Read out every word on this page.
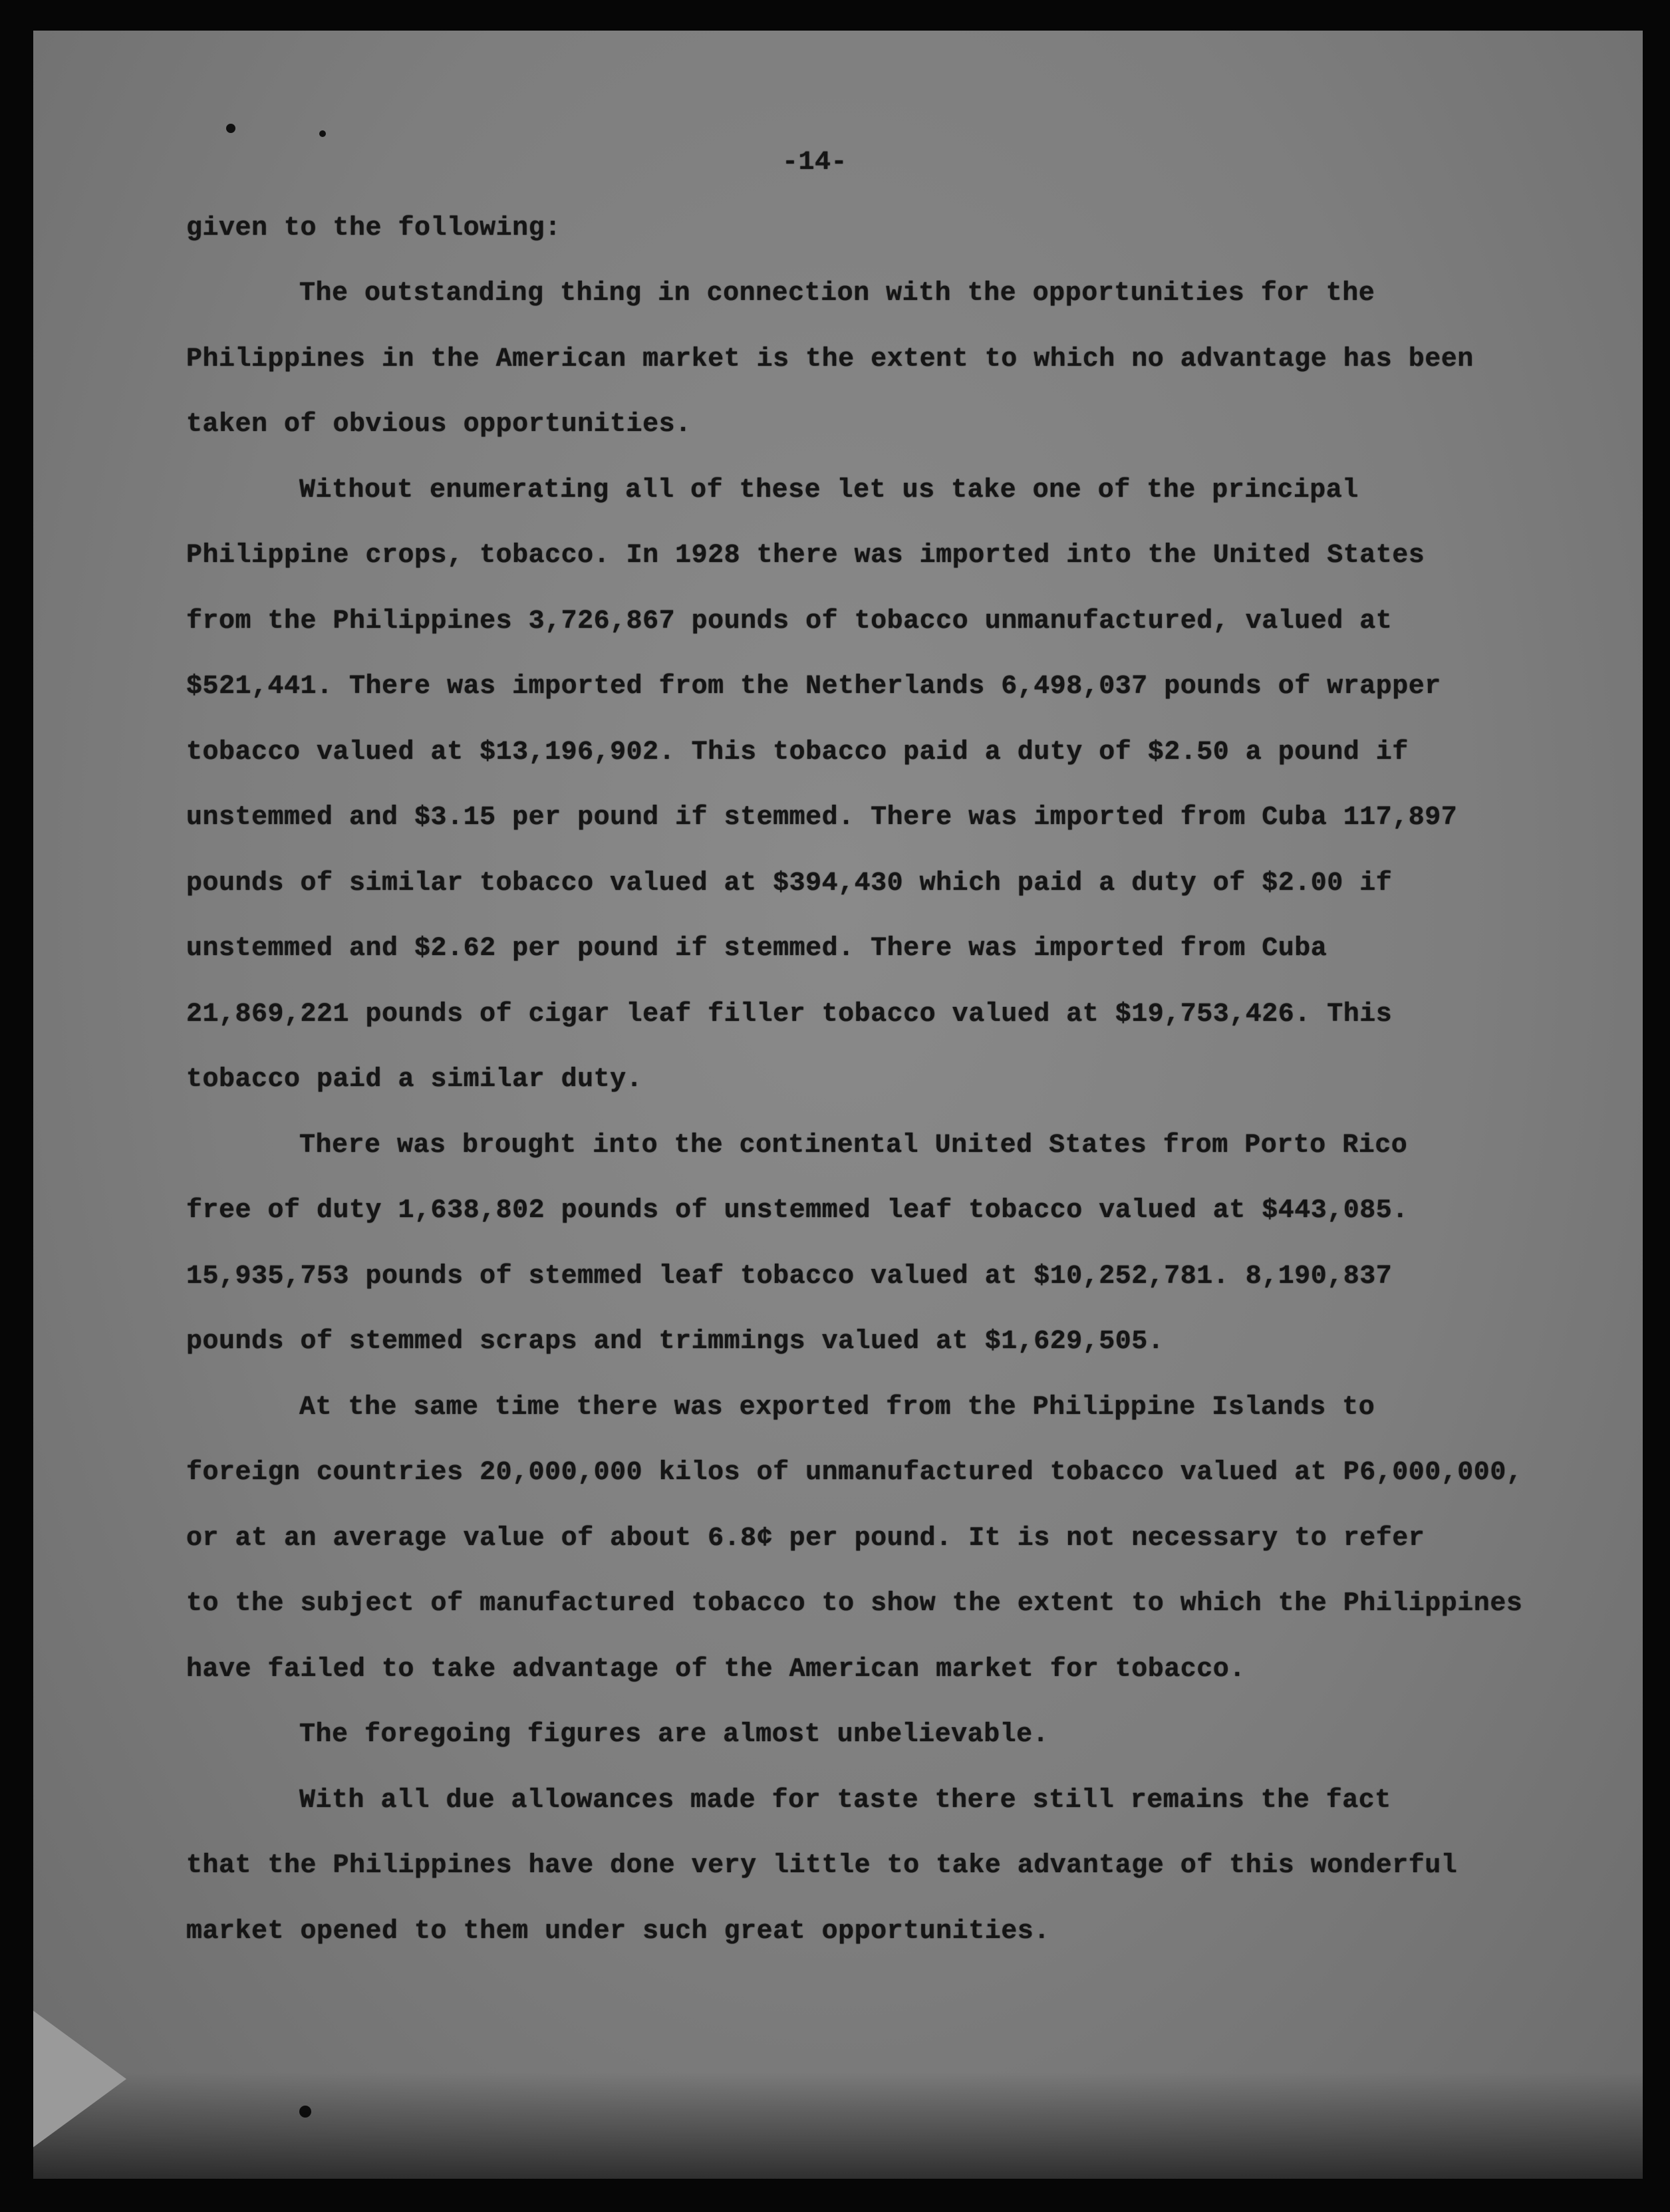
-14-

given to the following:

The outstanding thing in connection with the opportunities for the

Philippines in the American market is the extent to which no advantage has been

taken of obvious opportunities.

Without enumerating all of these let us take one of the principal

Philippine crops, tobacco. In 1928 there was imported into the United States

from the Philippines 3,726,867 pounds of tobacco unmanufactured, valued at

$521,441. There was imported from the Netherlands 6,498,037 pounds of wrapper

tobacco valued at $13,196,902. This tobacco paid a duty of $2.50 a pound if

unstemmed and $3.15 per pound if stemmed. There was imported from Cuba 117,897

pounds of similar tobacco valued at $394,430 which paid a duty of $2.00 if

unstemmed and $2.62 per pound if stemmed. There was imported from Cuba

21,869,221 pounds of cigar leaf filler tobacco valued at $19,753,426. This

tobacco paid a similar duty.

There was brought into the continental United States from Porto Rico

free of duty 1,638,802 pounds of unstemmed leaf tobacco valued at $443,085.

15,935,753 pounds of stemmed leaf tobacco valued at $10,252,781. 8,190,837

pounds of stemmed scraps and trimmings valued at $1,629,505.

At the same time there was exported from the Philippine Islands to

foreign countries 20,000,000 kilos of unmanufactured tobacco valued at P6,000,000,

or at an average value of about 6.8¢ per pound. It is not necessary to refer

to the subject of manufactured tobacco to show the extent to which the Philippines

have failed to take advantage of the American market for tobacco.

The foregoing figures are almost unbelievable.

With all due allowances made for taste there still remains the fact

that the Philippines have done very little to take advantage of this wonderful

market opened to them under such great opportunities.
